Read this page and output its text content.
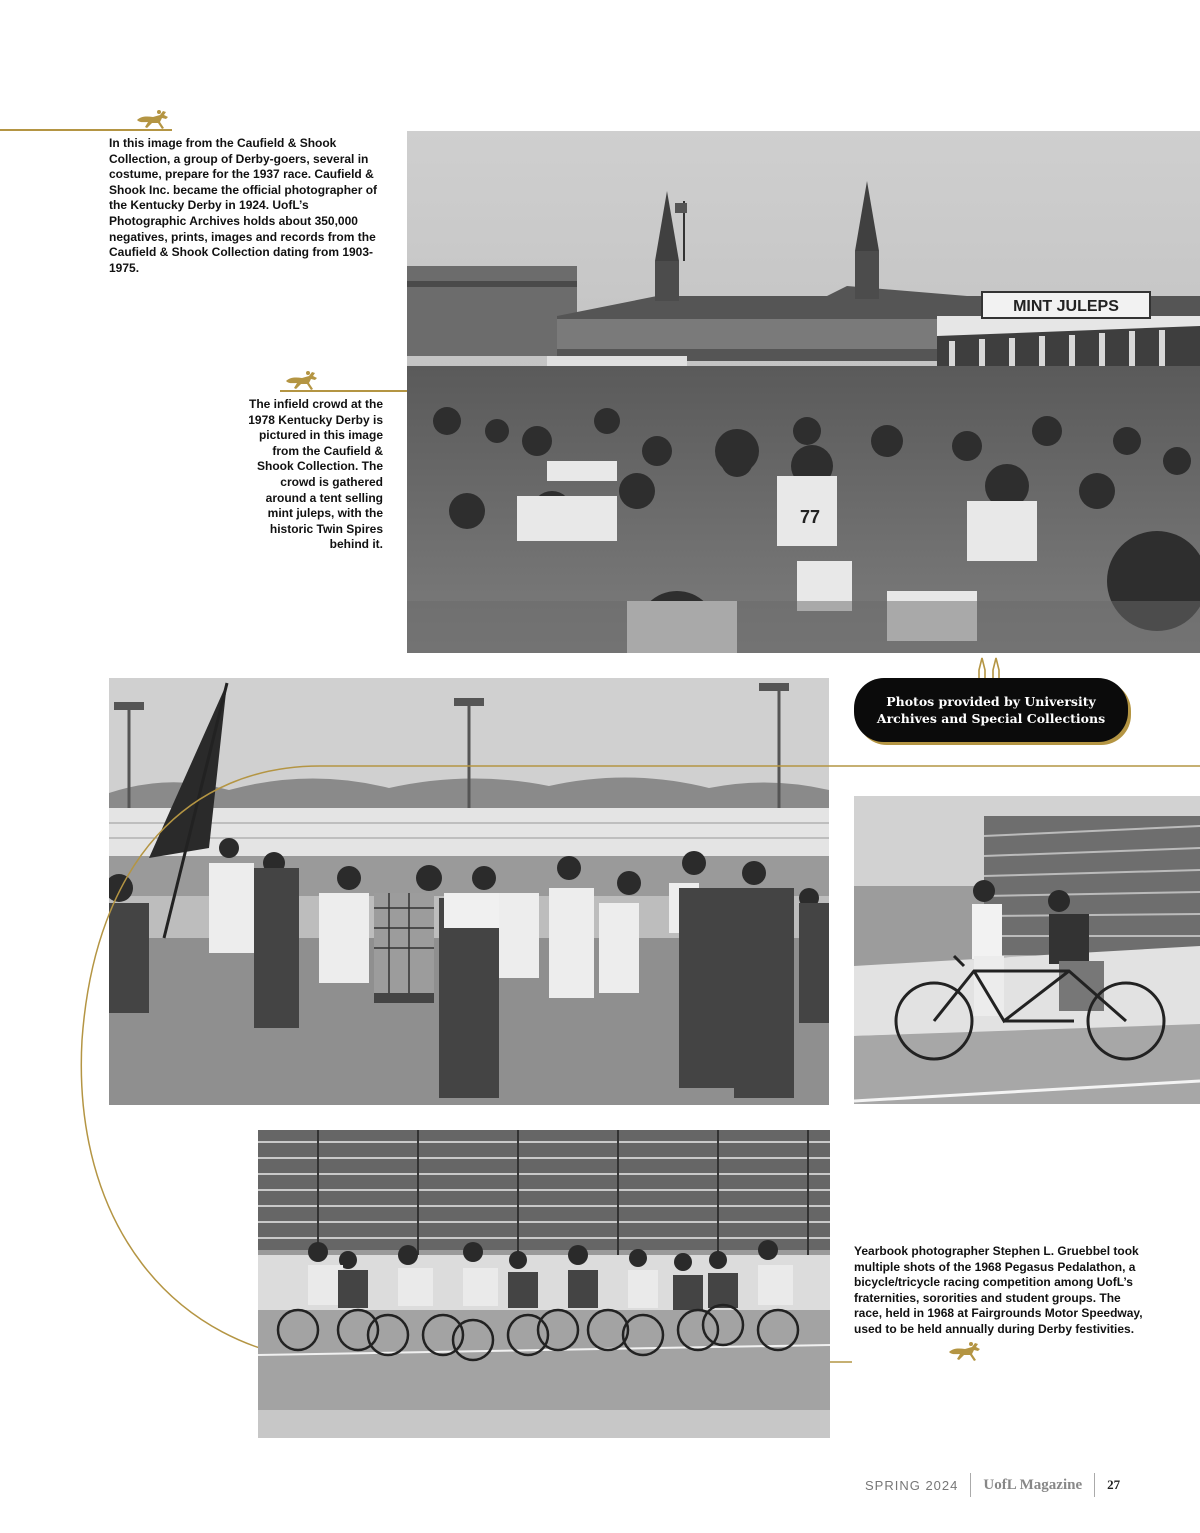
In this image from the Caufield & Shook Collection, a group of Derby-goers, several in costume, prepare for the 1937 race. Caufield & Shook Inc. became the official photographer of the Kentucky Derby in 1924. UofL’s Photographic Archives holds about 350,000 negatives, prints, images and records from the Caufield & Shook Collection dating from 1903-1975.
MINT JULEPS
77
The infield crowd at the 1978 Kentucky Derby is pictured in this image from the Caufield & Shook Collection. The crowd is gathered around a tent selling mint juleps, with the historic Twin Spires behind it.
Photos provided by University
Archives and Special Collections
Yearbook photographer Stephen L. Gruebbel took multiple shots of the 1968 Pegasus Pedalathon, a bicycle/tricycle racing competition among UofL’s fraternities, sororities and student groups. The race, held in 1968 at Fairgrounds Motor Speedway, used to be held annually during Derby festivities.
SPRING 2024 UofL Magazine 27
